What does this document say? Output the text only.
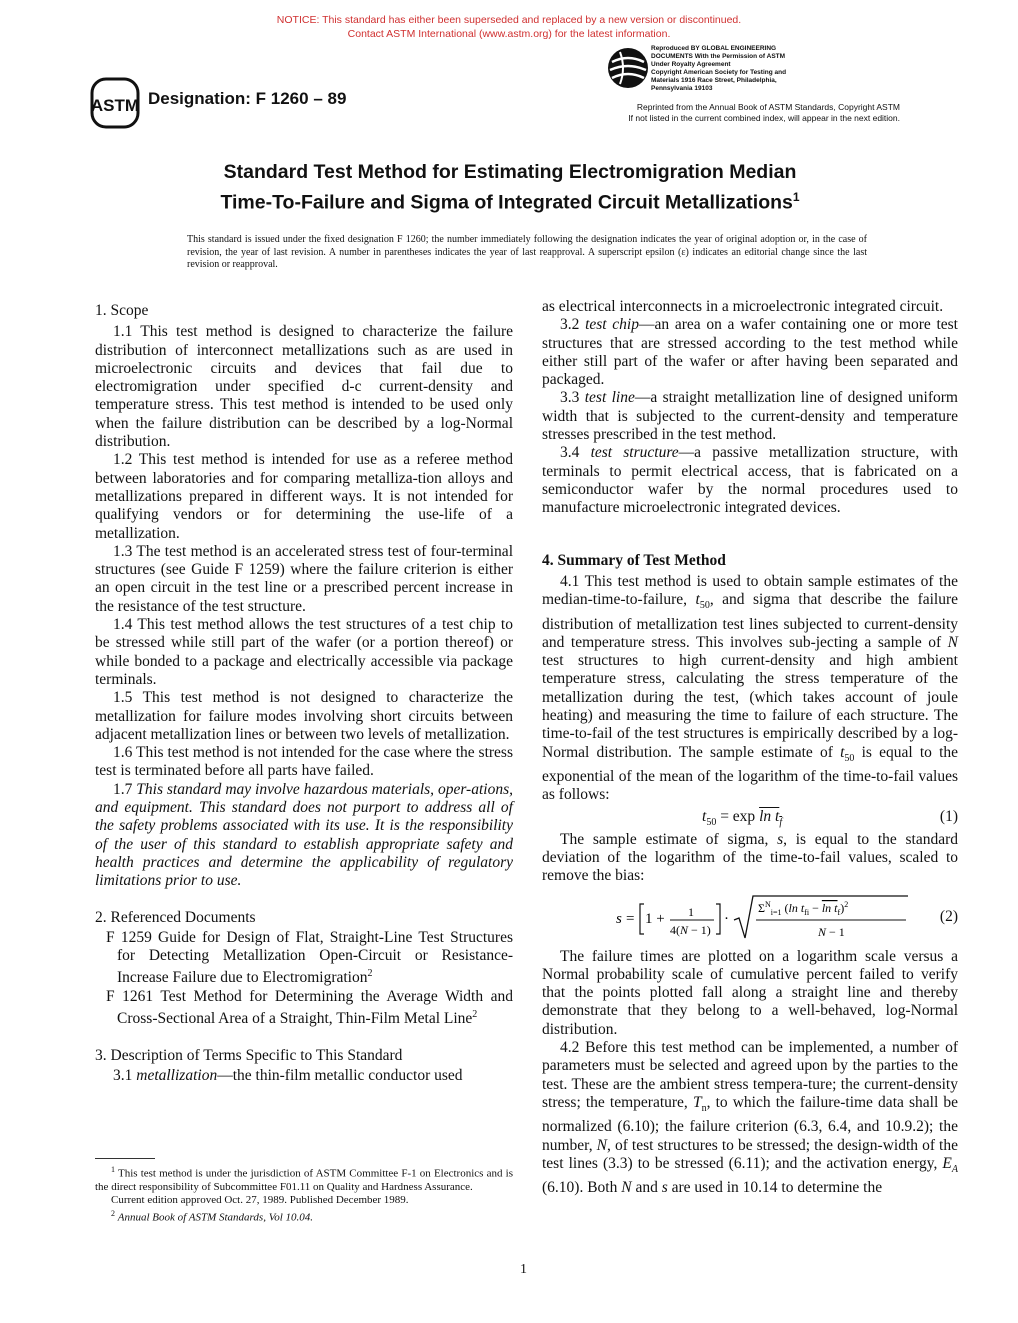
NOTICE: This standard has either been superseded and replaced by a new version or discontinued.
Contact ASTM International (www.astm.org) for the latest information.
ASTM Designation: F 1260 – 89
Reproduced BY GLOBAL ENGINEERING
DOCUMENTS With the Permission of ASTM
Under Royalty Agreement
Copyright American Society for Testing and
Materials 1916 Race Street, Philadelphia,
Pennsylvania 19103
Reprinted from the Annual Book of ASTM Standards, Copyright ASTM
If not listed in the current combined index, will appear in the next edition.
Standard Test Method for Estimating Electromigration Median
Time-To-Failure and Sigma of Integrated Circuit Metallizations$^1$
This standard is issued under the fixed designation F 1260; the number immediately following the designation indicates the year of original adoption or, in the case of revision, the year of last revision. A number in parentheses indicates the year of last reapproval. A superscript epsilon (ε) indicates an editorial change since the last revision or reapproval.
1. Scope

1.1 This test method is designed to characterize the failure distribution of interconnect metallizations such as are used in microelectronic circuits and devices that fail due to electromigration under specified d-c current-density and temperature stress. This test method is intended to be used only when the failure distribution can be described by a log-Normal distribution.

1.2 This test method is intended for use as a referee method between laboratories and for comparing metalliza-tion alloys and metallizations prepared in different ways. It is not intended for qualifying vendors or for determining the use-life of a metallization.

1.3 The test method is an accelerated stress test of four-terminal structures (see Guide F 1259) where the failure criterion is either an open circuit in the test line or a prescribed percent increase in the resistance of the test structure.

1.4 This test method allows the test structures of a test chip to be stressed while still part of the wafer (or a portion thereof) or while bonded to a package and electrically accessible via package terminals.

1.5 This test method is not designed to characterize the metallization for failure modes involving short circuits between adjacent metallization lines or between two levels of metallization.

1.6 This test method is not intended for the case where the stress test is terminated before all parts have failed.

1.7 This standard may involve hazardous materials, oper-ations, and equipment. This standard does not purport to address all of the safety problems associated with its use. It is the responsibility of the user of this standard to establish appropriate safety and health practices and determine the applicability of regulatory limitations prior to use.

2. Referenced Documents

F 1259 Guide for Design of Flat, Straight-Line Test Structures for Detecting Metallization Open-Circuit or Resistance-Increase Failure due to Electromigration$^2$

F 1261 Test Method for Determining the Average Width and Cross-Sectional Area of a Straight, Thin-Film Metal Line$^2$

3. Description of Terms Specific to This Standard

3.1 metallization—the thin-film metallic conductor used

$^1$ This test method is under the jurisdiction of ASTM Committee F-1 on Electronics and is the direct responsibility of Subcommittee F01.11 on Quality and Hardness Assurance.

Current edition approved Oct. 27, 1989. Published December 1989.

$^2$ Annual Book of ASTM Standards, Vol 10.04.

as electrical interconnects in a microelectronic integrated circuit.

3.2 test chip—an area on a wafer containing one or more test structures that are stressed according to the test method while either still part of the wafer or after having been separated and packaged.

3.3 test line—a straight metallization line of designed uniform width that is subjected to the current-density and temperature stresses prescribed in the test method.

3.4 test structure—a passive metallization structure, with terminals to permit electrical access, that is fabricated on a semiconductor wafer by the normal procedures used to manufacture microelectronic integrated devices.

4. Summary of Test Method

4.1 This test method is used to obtain sample estimates of the median-time-to-failure, $t_{50}$, and sigma that describe the failure distribution of metallization test lines subjected to current-density and temperature stress. This involves sub-jecting a sample of N test structures to high current-density and high ambient temperature stress, calculating the stress temperature of the metallization during the test, (which takes account of joule heating) and measuring the time to failure of each structure. The time-to-fail of the test structures is empirically described by a log-Normal distribution. The sample estimate of $t_{50}$ is equal to the exponential of the mean of the logarithm of the time-to-fail values as follows:

$t_{50} = \exp \ln t_f$	(1)

The sample estimate of sigma, s, is equal to the standard deviation of the logarithm of the time-to-fail values, scaled to remove the bias:

s = 1 + 1
4(N − 1)
·
$\Sigma^N_{i=1}$ (ln $t_{fi} - \ln t_f)^2$
N − 1
(2)

The failure times are plotted on a logarithm scale versus a Normal probability scale of cumulative percent failed to verify that the points plotted fall along a straight line and thereby demonstrate that they belong to a well-behaved, log-Normal distribution.

4.2 Before this test method can be implemented, a number of parameters must be selected and agreed upon by the parties to the test. These are the ambient stress tempera-ture; the current-density stress; the temperature, $T_n$, to which the failure-time data shall be normalized (6.10); the failure criterion (6.3, 6.4, and 10.9.2); the number, N, of test structures to be stressed; the design-width of the test lines (3.3) to be stressed (6.11); and the activation energy, $E_A$ (6.10). Both N and s are used in 10.14 to determine the

1
